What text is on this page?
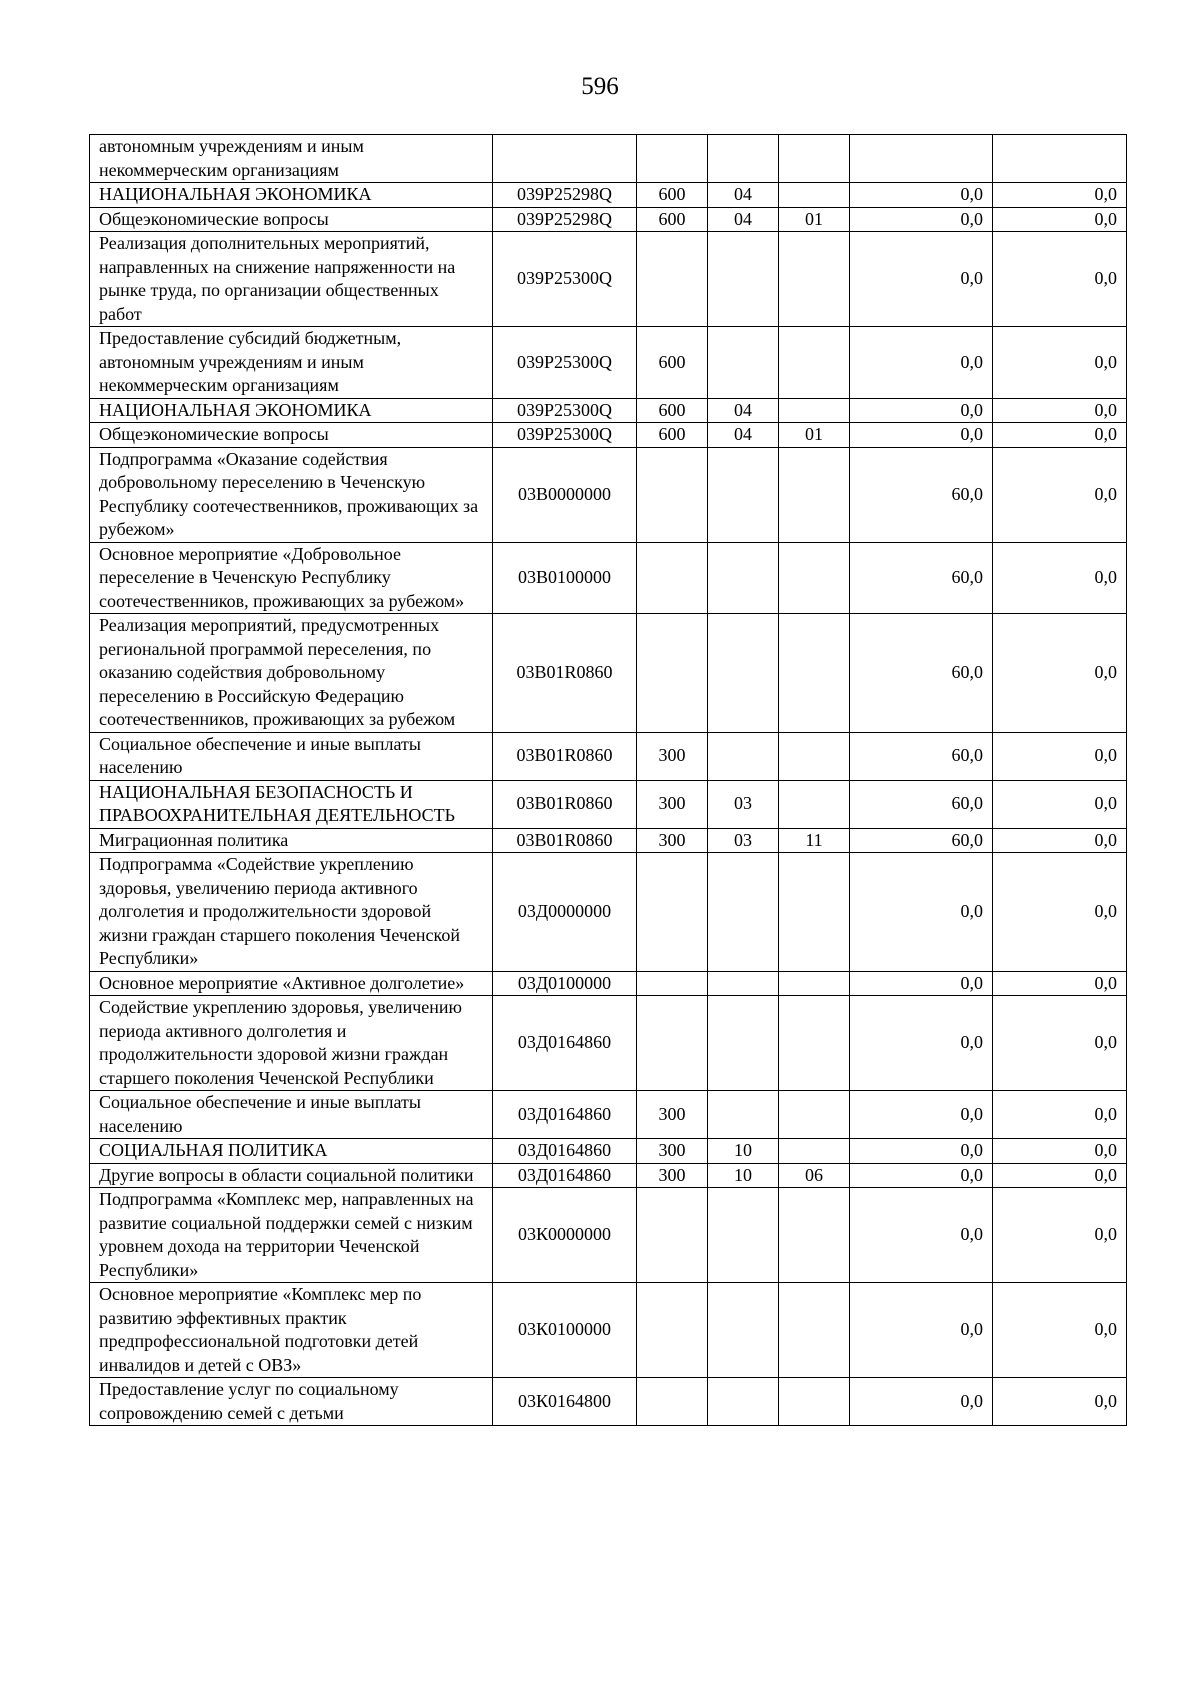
596
автономным учреждениям и иным некоммерческим организациям						
НАЦИОНАЛЬНАЯ ЭКОНОМИКА	039P25298Q	600	04		0,0	0,0
Общеэкономические вопросы	039P25298Q	600	04	01	0,0	0,0
Реализация дополнительных мероприятий, направленных на снижение напряженности на рынке труда, по организации общественных работ	039P25300Q				0,0	0,0
Предоставление субсидий бюджетным, автономным учреждениям и иным некоммерческим организациям	039P25300Q	600			0,0	0,0
НАЦИОНАЛЬНАЯ ЭКОНОМИКА	039P25300Q	600	04		0,0	0,0
Общеэкономические вопросы	039P25300Q	600	04	01	0,0	0,0
Подпрограмма «Оказание содействия добровольному переселению в Чеченскую Республику соотечественников, проживающих за рубежом»	03В0000000				60,0	0,0
Основное мероприятие «Добровольное переселение в Чеченскую Республику соотечественников, проживающих за рубежом»	03В0100000				60,0	0,0
Реализация мероприятий, предусмотренных региональной программой переселения, по оказанию содействия добровольному переселению в Российскую Федерацию соотечественников, проживающих за рубежом	03В01R0860				60,0	0,0
Социальное обеспечение и иные выплаты населению	03В01R0860	300			60,0	0,0
НАЦИОНАЛЬНАЯ БЕЗОПАСНОСТЬ И ПРАВООХРАНИТЕЛЬНАЯ ДЕЯТЕЛЬНОСТЬ	03В01R0860	300	03		60,0	0,0
Миграционная политика	03В01R0860	300	03	11	60,0	0,0
Подпрограмма «Содействие укреплению здоровья, увеличению периода активного долголетия и продолжительности здоровой жизни граждан старшего поколения Чеченской Республики»	03Д0000000				0,0	0,0
Основное мероприятие «Активное долголетие»	03Д0100000				0,0	0,0
Содействие укреплению здоровья, увеличению периода активного долголетия и продолжительности здоровой жизни граждан старшего поколения Чеченской Республики	03Д0164860				0,0	0,0
Социальное обеспечение и иные выплаты населению	03Д0164860	300			0,0	0,0
СОЦИАЛЬНАЯ ПОЛИТИКА	03Д0164860	300	10		0,0	0,0
Другие вопросы в области социальной политики	03Д0164860	300	10	06	0,0	0,0
Подпрограмма «Комплекс мер, направленных на развитие социальной поддержки семей с низким уровнем дохода на территории Чеченской Республики»	03К0000000				0,0	0,0
Основное мероприятие «Комплекс мер по развитию эффективных практик предпрофессиональной подготовки детей инвалидов и детей с ОВЗ»	03К0100000				0,0	0,0
Предоставление услуг по социальному сопровождению семей с детьми	03К0164800				0,0	0,0
